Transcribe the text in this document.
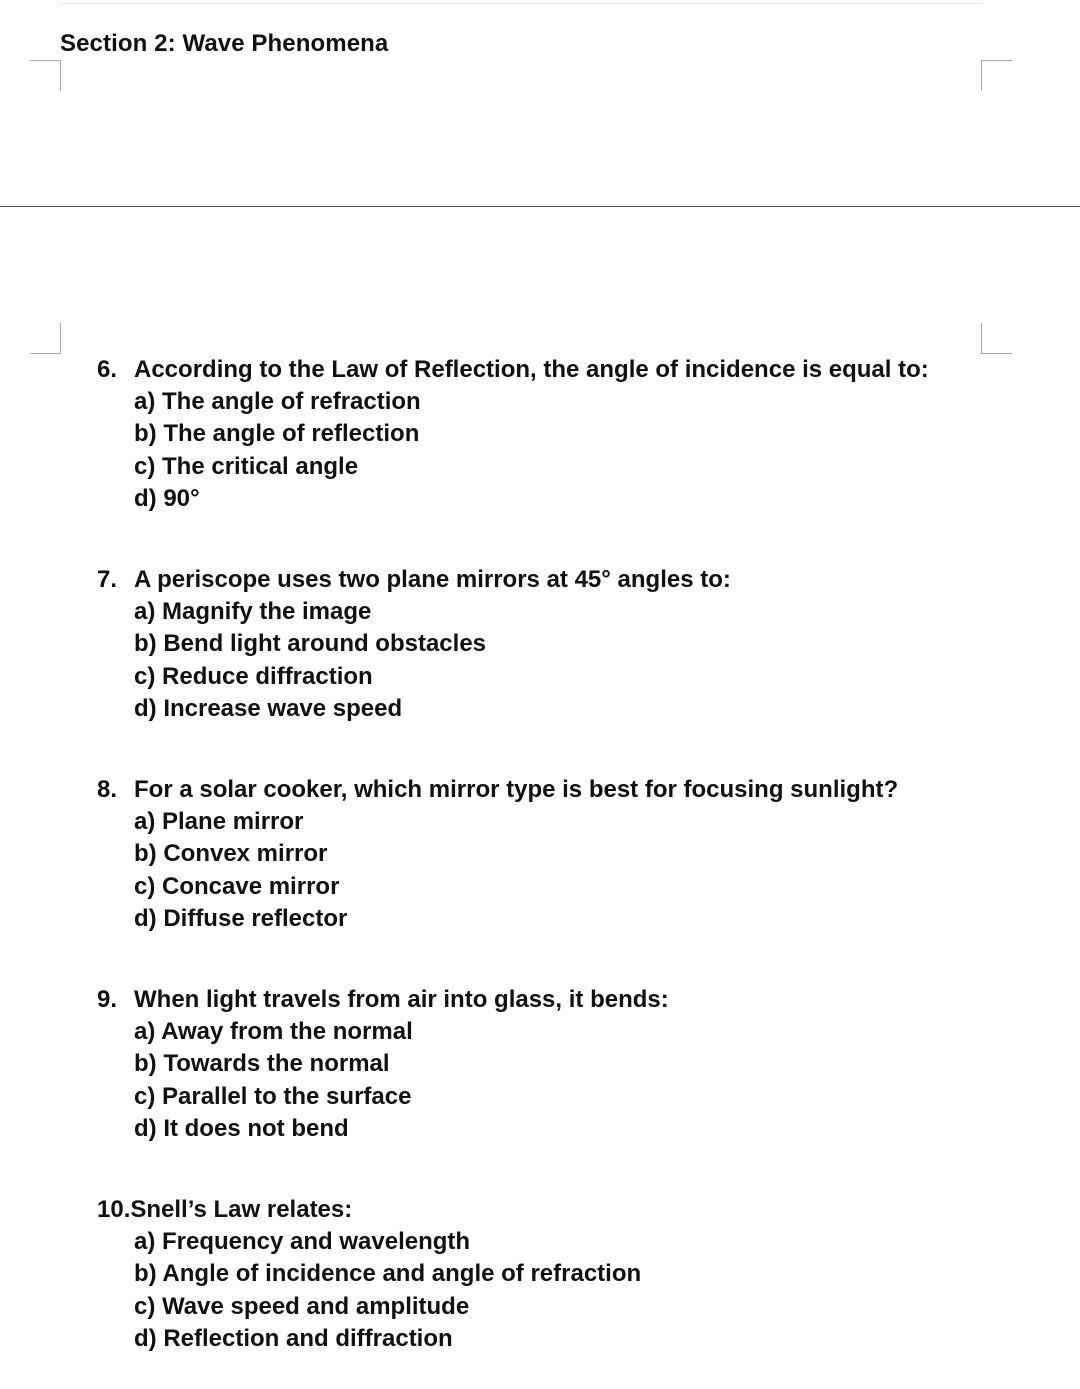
Section 2: Wave Phenomena
6. According to the Law of Reflection, the angle of incidence is equal to:
a) The angle of refraction
b) The angle of reflection
c) The critical angle
d) 90°
7. A periscope uses two plane mirrors at 45° angles to:
a) Magnify the image
b) Bend light around obstacles
c) Reduce diffraction
d) Increase wave speed
8. For a solar cooker, which mirror type is best for focusing sunlight?
a) Plane mirror
b) Convex mirror
c) Concave mirror
d) Diffuse reflector
9. When light travels from air into glass, it bends:
a) Away from the normal
b) Towards the normal
c) Parallel to the surface
d) It does not bend
10. Snell’s Law relates:
a) Frequency and wavelength
b) Angle of incidence and angle of refraction
c) Wave speed and amplitude
d) Reflection and diffraction
